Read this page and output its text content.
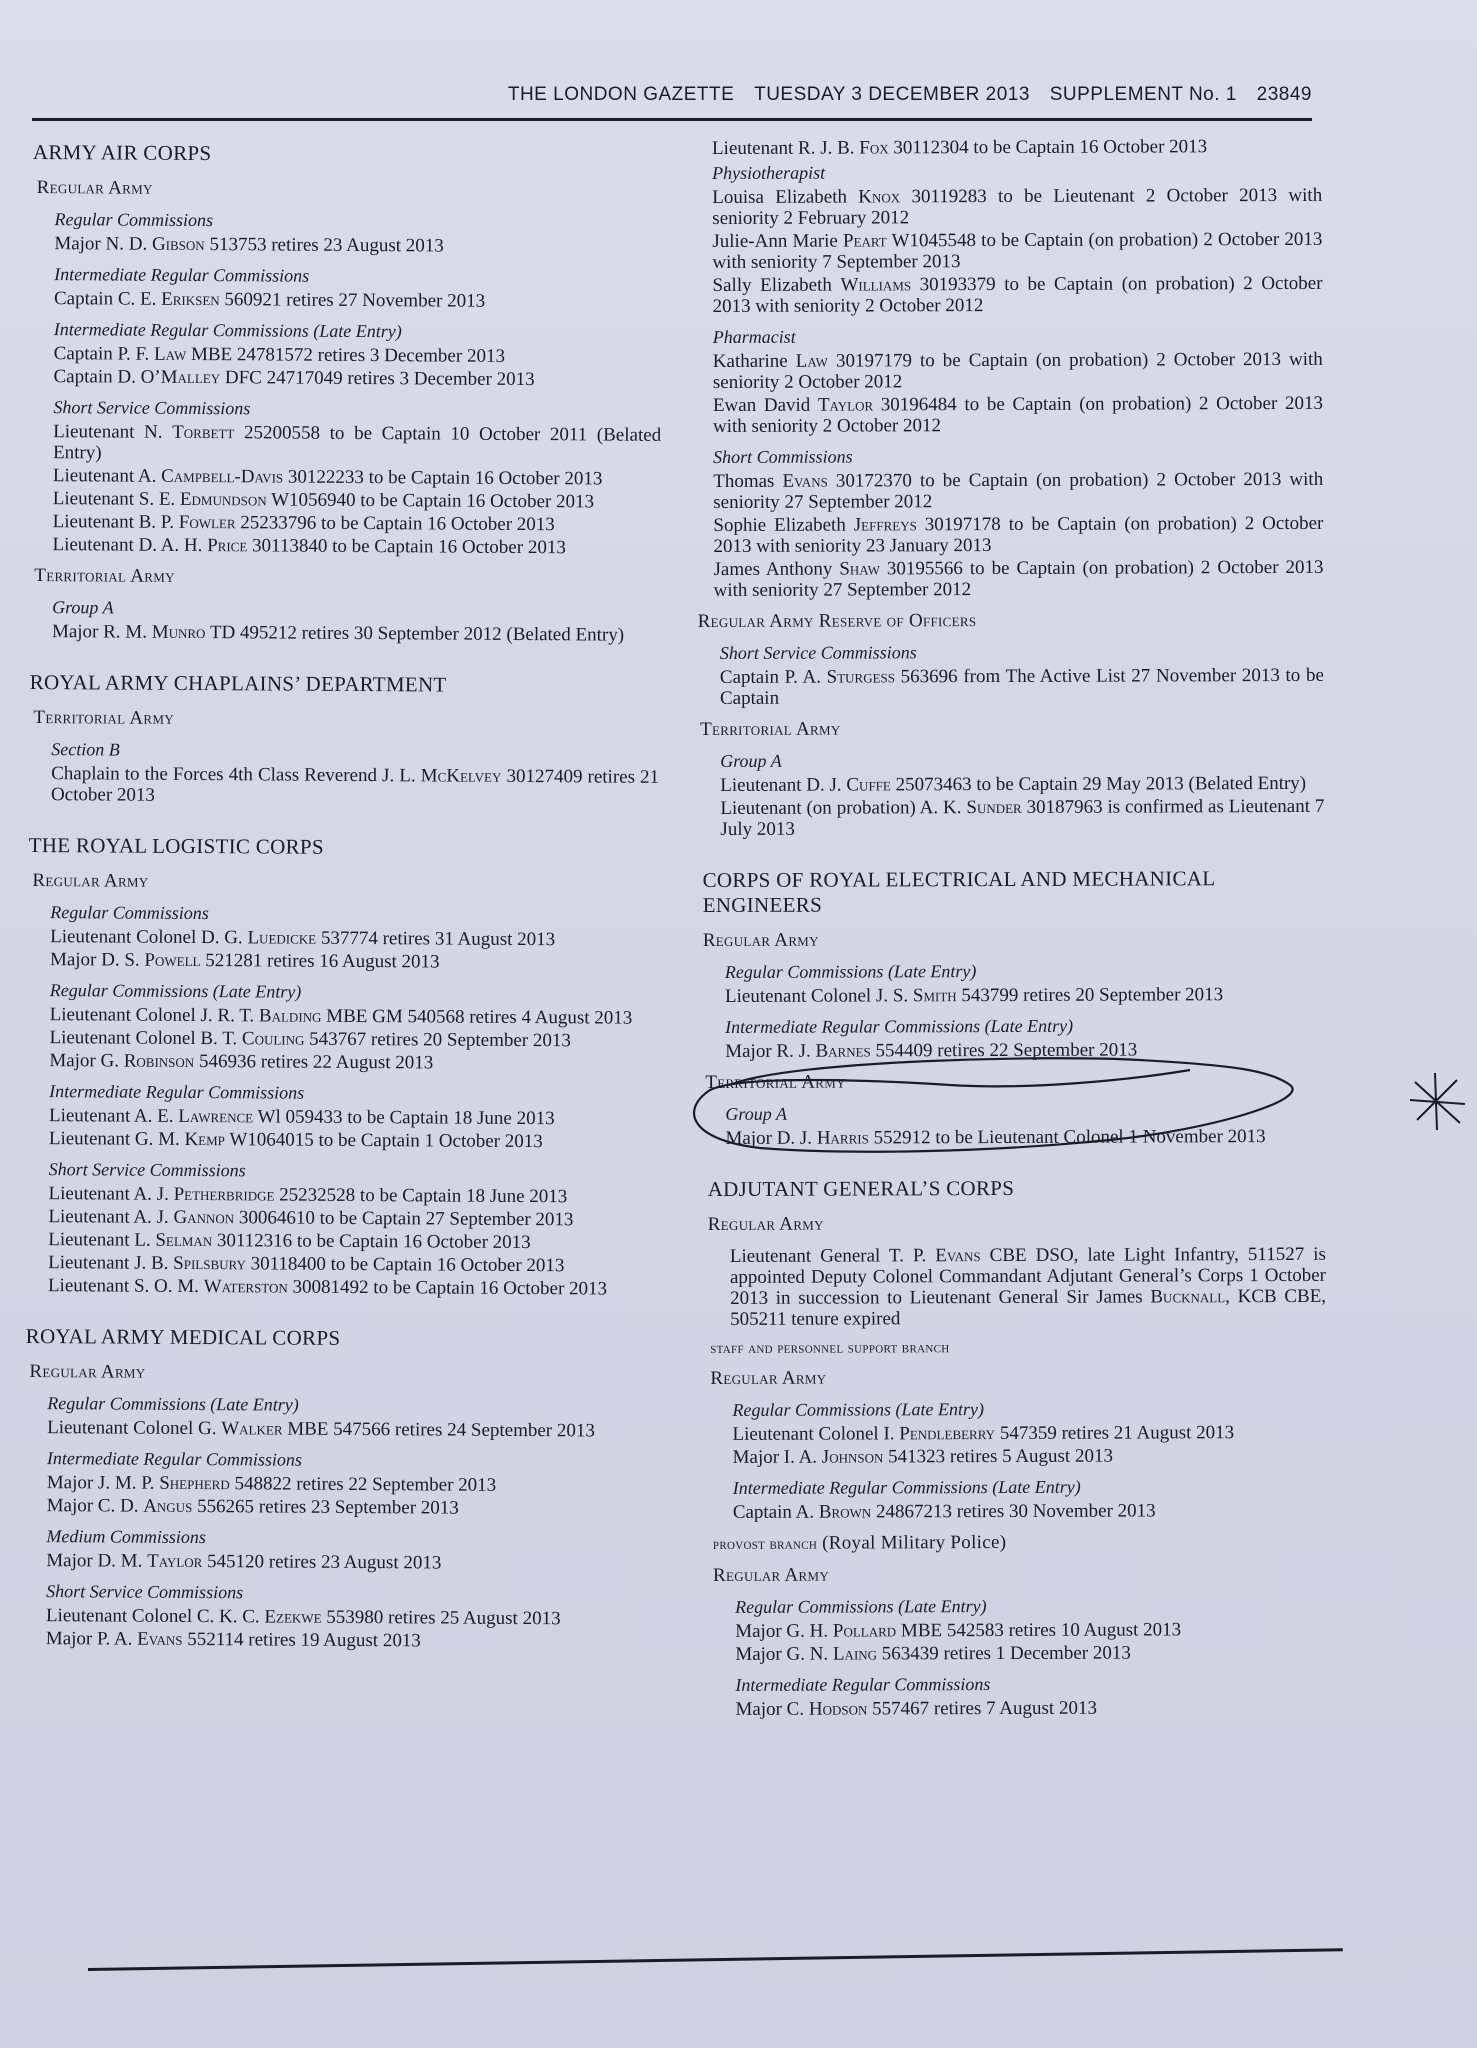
THE LONDON GAZETTE TUESDAY 3 DECEMBER 2013 SUPPLEMENT No. 1 23849
ARMY AIR CORPS
Regular Army
Regular Commissions
Major N. D. Gibson 513753 retires 23 August 2013
Intermediate Regular Commissions
Captain C. E. Eriksen 560921 retires 27 November 2013
Intermediate Regular Commissions (Late Entry)
Captain P. F. Law MBE 24781572 retires 3 December 2013
Captain D. O’Malley DFC 24717049 retires 3 December 2013
Short Service Commissions
Lieutenant N. Torbett 25200558 to be Captain 10 October 2011 (Belated Entry)
Lieutenant A. Campbell-Davis 30122233 to be Captain 16 October 2013
Lieutenant S. E. Edmundson W1056940 to be Captain 16 October 2013
Lieutenant B. P. Fowler 25233796 to be Captain 16 October 2013
Lieutenant D. A. H. Price 30113840 to be Captain 16 October 2013
Territorial Army
Group A
Major R. M. Munro TD 495212 retires 30 September 2012 (Belated Entry)
ROYAL ARMY CHAPLAINS’ DEPARTMENT
Territorial Army
Section B
Chaplain to the Forces 4th Class Reverend J. L. McKelvey 30127409 retires 21 October 2013
THE ROYAL LOGISTIC CORPS
Regular Army
Regular Commissions
Lieutenant Colonel D. G. Luedicke 537774 retires 31 August 2013
Major D. S. Powell 521281 retires 16 August 2013
Regular Commissions (Late Entry)
Lieutenant Colonel J. R. T. Balding MBE GM 540568 retires 4 August 2013
Lieutenant Colonel B. T. Couling 543767 retires 20 September 2013
Major G. Robinson 546936 retires 22 August 2013
Intermediate Regular Commissions
Lieutenant A. E. Lawrence Wl 059433 to be Captain 18 June 2013
Lieutenant G. M. Kemp W1064015 to be Captain 1 October 2013
Short Service Commissions
Lieutenant A. J. Petherbridge 25232528 to be Captain 18 June 2013
Lieutenant A. J. Gannon 30064610 to be Captain 27 September 2013
Lieutenant L. Selman 30112316 to be Captain 16 October 2013
Lieutenant J. B. Spilsbury 30118400 to be Captain 16 October 2013
Lieutenant S. O. M. Waterston 30081492 to be Captain 16 October 2013
ROYAL ARMY MEDICAL CORPS
Regular Army
Regular Commissions (Late Entry)
Lieutenant Colonel G. Walker MBE 547566 retires 24 September 2013
Intermediate Regular Commissions
Major J. M. P. Shepherd 548822 retires 22 September 2013
Major C. D. Angus 556265 retires 23 September 2013
Medium Commissions
Major D. M. Taylor 545120 retires 23 August 2013
Short Service Commissions
Lieutenant Colonel C. K. C. Ezekwe 553980 retires 25 August 2013
Major P. A. Evans 552114 retires 19 August 2013
Lieutenant R. J. B. Fox 30112304 to be Captain 16 October 2013
Physiotherapist
Louisa Elizabeth Knox 30119283 to be Lieutenant 2 October 2013 with seniority 2 February 2012
Julie-Ann Marie Peart W1045548 to be Captain (on probation) 2 October 2013 with seniority 7 September 2013
Sally Elizabeth Williams 30193379 to be Captain (on probation) 2 October 2013 with seniority 2 October 2012
Pharmacist
Katharine Law 30197179 to be Captain (on probation) 2 October 2013 with seniority 2 October 2012
Ewan David Taylor 30196484 to be Captain (on probation) 2 October 2013 with seniority 2 October 2012
Short Commissions
Thomas Evans 30172370 to be Captain (on probation) 2 October 2013 with seniority 27 September 2012
Sophie Elizabeth Jeffreys 30197178 to be Captain (on probation) 2 October 2013 with seniority 23 January 2013
James Anthony Shaw 30195566 to be Captain (on probation) 2 October 2013 with seniority 27 September 2012
Regular Army Reserve of Officers
Short Service Commissions
Captain P. A. Sturgess 563696 from The Active List 27 November 2013 to be Captain
Territorial Army
Group A
Lieutenant D. J. Cuffe 25073463 to be Captain 29 May 2013 (Belated Entry)
Lieutenant (on probation) A. K. Sunder 30187963 is confirmed as Lieutenant 7 July 2013
CORPS OF ROYAL ELECTRICAL AND MECHANICAL ENGINEERS
Regular Army
Regular Commissions (Late Entry)
Lieutenant Colonel J. S. Smith 543799 retires 20 September 2013
Intermediate Regular Commissions (Late Entry)
Major R. J. Barnes 554409 retires 22 September 2013
Territorial Army
Group A
Major D. J. Harris 552912 to be Lieutenant Colonel 1 November 2013
ADJUTANT GENERAL’S CORPS
Regular Army
Lieutenant General T. P. Evans CBE DSO, late Light Infantry, 511527 is appointed Deputy Colonel Commandant Adjutant General’s Corps 1 October 2013 in succession to Lieutenant General Sir James Bucknall, KCB CBE, 505211 tenure expired
staff and personnel support branch
Regular Army
Regular Commissions (Late Entry)
Lieutenant Colonel I. Pendleberry 547359 retires 21 August 2013
Major I. A. Johnson 541323 retires 5 August 2013
Intermediate Regular Commissions (Late Entry)
Captain A. Brown 24867213 retires 30 November 2013
provost branch (Royal Military Police)
Regular Army
Regular Commissions (Late Entry)
Major G. H. Pollard MBE 542583 retires 10 August 2013
Major G. N. Laing 563439 retires 1 December 2013
Intermediate Regular Commissions
Major C. Hodson 557467 retires 7 August 2013
